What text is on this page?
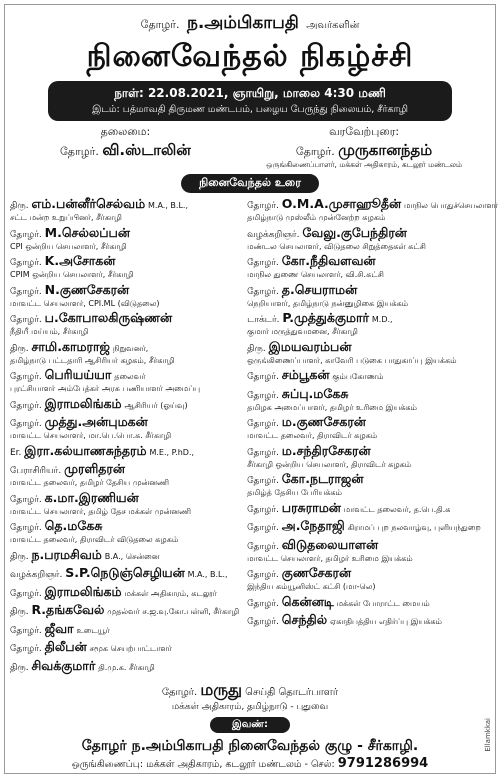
தோழர். ந.அம்பிகாபதி அவர்களின்
நினைவேந்தல் நிகழ்ச்சி
நாள்: 22.08.2021, ஞாயிறு, மாலை 4:30 மணி
இடம்: பத்மாவதி திருமண மண்டபம், பழைய பேருந்து நிலையம், சீர்காழி
தலைமை:
தோழர். வி.ஸ்டாலின்
வரவேற்புரை:
தோழர். முருகானந்தம்
ஒருங்கிணைப்பாளர், மக்கள் அதிகாரம், கடலூர் மண்டலம்
நினைவேந்தல் உரை
திரு. எம்.பன்னீர்செல்வம் M.A., B.L.,
சட்ட மன்ற உறுப்பினர், சீர்காழி
தோழர். M.செல்லப்பன்
CPI ஒன்றிய செயலாளர், சீர்காழி
தோழர். K.அசோகன்
CPIM ஒன்றிய செயலாளர், சீர்காழி
தோழர். N.குணசேகரன்
மாவட்ட செயலாளர், CPI.ML (விடுதலை)
தோழர். ப.கோபாலகிருஷ்ணன்
நீதியீ மய்யம், சீர்காழி
திரு. சாமி.காமராஜ் நிறுவனர்,
தமிழ்நாடு பட்டதாரி ஆசிரியர் கழகம், சீர்காழி
தோழர். பெரியய்யா தலைவர்
புரட்சியாளர் அம்பேத்கர் அரசு பணியாளர் அமைப்பு
தோழர். இராமலிங்கம் ஆசிரியர் (ஓய்வு)
தோழர். முத்து.அன்புமகன்
மாவட்ட செயலாளர், மா.பெ.பொ.க. சீர்காழி
Er. இரா.கல்யாணசுந்தரம் M.E., P.hD.,
பேராசிரியர். முரளிதரன்
மாவட்ட தலைவர், தமிழர் தேசிய முன்னணி
தோழர். க.மா.இரணியன்
மாவட்ட செயலாளர், தமிழ் தேச மக்கள் முன்னணி
தோழர். தெ.மகேசு
மாவட்ட தலைவர், திராவிடர் விடுதலை கழகம்
திரு. ந.பரமசிவம் B.A., சென்னை
வழக்கறிஞர். S.P.நெடுஞ்செழியன் M.A., B.L.,
தோழர். இராமலிங்கம் மக்கள் அதிகாரம், கடலூர்
திரு. R.தங்கவேல் முதல்வர் ச.ஜ.வு.கோ.பள்ளி, சீர்காழி
தோழர். ஜீவா உடையூர்
தோழர். திலீபன் சமூக செயற்பாட்டாளர்
திரு. சிவக்குமார் தி.மு.க. சீர்காழி
தோழர். O.M.A.முசாஹூதீன் மாநில பொதுச்செயலாளர்
தமிழ்நாடு முஸ்லீம் முன்னேற்ற கழகம்
வழக்கறிஞர். வேலு.குபேந்திரன்
மண்டல செயலாளர், விடுதலை சிறுத்தைகள் கட்சி
தோழர். கோ.நீதிவளவன்
மாநில துணை செயலாளர், வி.சி.கட்சி
தோழர். த.செயராமன்
நெறியாளர், தமிழ்நாடு நன்னுழிகை இயக்கம்
டாக்டர். P.முத்துக்குமார் M.D.,
குமார் மருத்துவமனை, சீர்காழி
திரு. இமயவரம்பன்
ஒருங்கிணைப்பாளர், காவேரி படுகை பாதுகாப்பு இயக்கம்
தோழர். சம்பூகன் கும்பகோணம்
தோழர். சுப்பு.மகேசு
தமிழக அமைப்பாளர், தமிழர் உரிமை இயக்கம்
தோழர். ம.குணசேகரன்
மாவட்ட தலைவர், திராவிடர் கழகம்
தோழர். ம.சந்திரசேகரன்
சீர்காழி ஒன்றிய செயலாளர், திராவிடர் கழகம்
தோழர். கோ.நடராஜன்
தமிழ்த் தேசிய பேரியக்கம்
தோழர். பரசுராமன் மாவட்ட தலைவர், த.பெ.தி.க
தோழர். அ.நேதாஜி கிராமப் புற நலவாழ்வு, புளியந்துறை
தோழர். விடுதலையாளன்
மாவட்ட செயலாளர், தமிழர் உரிமை இயக்கம்
தோழர். குணசேகரன்
இந்திய கம்யூனிஸ்ட் கட்சி (மா-லெ)
தோழர். கென்னடி மக்கள் போராட்ட மையம்
தோழர். செந்தில் ஏகாதிபத்திய எதிர்ப்பு இயக்கம்
தோழர். மருது செய்தி தொடர்பாளர்
மக்கள் அதிகாரம், தமிழ்நாடு - புதுவை
இவண்:
தோழர் ந.அம்பிகாபதி நினைவேந்தல் குழு - சீர்காழி.
ஒருங்கிணைப்பு: மக்கள் அதிகாரம், கடலூர் மண்டலம் - செல்: 9791286994
Ellamkkai
